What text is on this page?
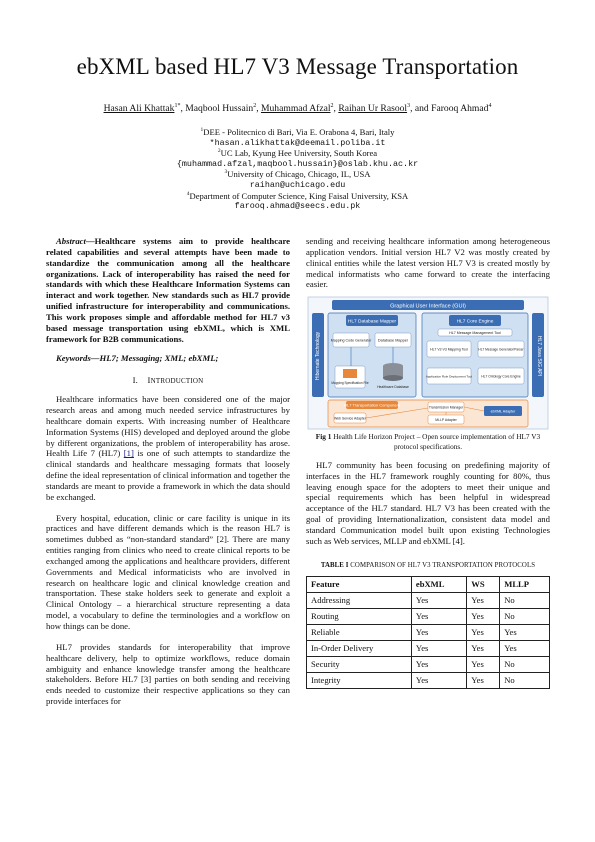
ebXML based HL7 V3 Message Transportation
Hasan Ali Khattak$^{1*}$, Maqbool Hussain$^2$, Muhammad Afzal$^2$, Raihan Ur Rasool$^3$, and Farooq Ahmad$^4$
$^1$DEE - Politecnico di Bari, Via E. Orabona 4, Bari, Italy
*hasan.alikhattak@deemail.poliba.it
$^2$UC Lab, Kyung Hee University, South Korea
{muhammad.afzal,maqbool.hussain}@oslab.khu.ac.kr
$^3$University of Chicago, Chicago, IL, USA
raihan@uchicago.edu
$^4$Department of Computer Science, King Faisal University, KSA
farooq.ahmad@seecs.edu.pk

Abstract—Healthcare systems aim to provide healthcare related capabilities and several attempts have been made to standardize the communication among all the healthcare organizations. Lack of interoperability has raised the need for standards with which these Healthcare Information Systems can interact and work together. New standards such as HL7 provide unified infrastructure for interoperability and communications. This work proposes simple and affordable method for HL7 v3 based message transportation using ebXML, which is XML framework for B2B communications.

Keywords—HL7; Messaging; XML; ebXML;

I. INTRODUCTION

Healthcare informatics have been considered one of the major research areas and among much needed service infrastructures by healthcare domain experts. With increasing number of Healthcare Information Systems (HIS) developed and deployed around the globe by different organizations, the problem of interoperability has arose. Health Life 7 (HL7) [1] is one of such attempts to standardize the clinical standards and healthcare messaging formats that loosely define the ideal representation of clinical information and together the standards are meant to provide a framework in which the data should be exchanged.

Every hospital, education, clinic or care facility is unique in its practices and have different demands which is the reason HL7 is sometimes dubbed as “non-standard standard” [2]. There are many entities ranging from clinics who need to create clinical reports to be exchanged among the applications and healthcare providers, different Governments and Medical informaticists who are involved in research on healthcare logic and clinical knowledge creation and transportation. These stake holders seek to generate and exploit a Clinical Ontology – a hierarchical structure representing a data model, a vocabulary to define the terminologies and a workflow on how things can be done.

HL7 provides standards for interoperability that improve healthcare delivery, help to optimize workflows, reduce domain ambiguity and enhance knowledge transfer among the healthcare stakeholders. Before HL7 [3] parties on both sending and receiving ends needed to customize their respective applications so they can provide interfaces for

sending and receiving healthcare information among heterogeneous application vendors. Initial version HL7 V2 was mostly created by clinical entities while the latest version HL7 V3 is created mostly by medical informatists who came forward to create the interfacing easier.

Graphical User Interface (GUI)
Hibernate Technology	HL7 Java SIG API
HL7 Database Mapper
Mapping Code Generator Database Mapper
Mapping Specification File
Healthcare Database
HL7 Core Engine
HL7 Message Management Tool
HL7 V2-V3 Mapping Tool	HL7 Message Generator/Parser
Application Role Deployment Tool	HL7 Ontology Core Engine
HL7 Transportation Component	Transmission Manager
Web Service Adapter	MLLP Adapter
ebXML Adapter
Fig 1 Health Life Horizon Project – Open source implementation of HL7 V3 protocol specifications.

HL7 community has been focusing on predefining majority of interfaces in the HL7 framework roughly counting for 80%, thus leaving enough space for the adopters to meet their unique and special requirements which has been helpful in widespread acceptance of the HL7 standard. HL7 V3 has been created with the goal of providing Internationalization, consistent data model and standard Communication model built upon existing Technologies such as Web services, MLLP and ebXML [4].

TABLE I COMPARISON OF HL7 V3 TRANSPORTATION PROTOCOLS
Feature	ebXML	WS	MLLP
Addressing	Yes	Yes	No
Routing	Yes	Yes	No
Reliable	Yes	Yes	Yes
In-Order Delivery	Yes	Yes	Yes
Security	Yes	Yes	No
Integrity	Yes	Yes	No
